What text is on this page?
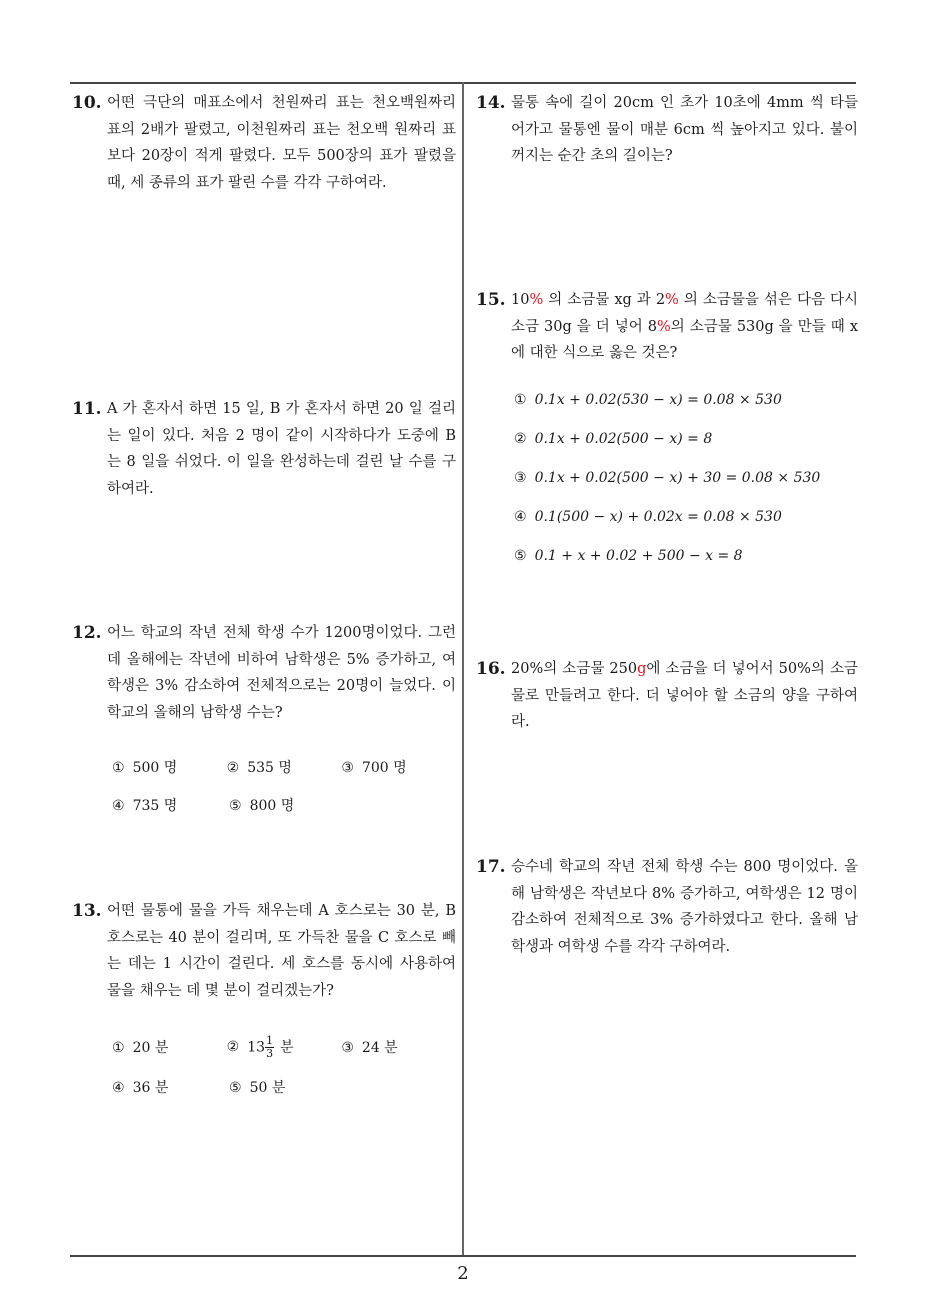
10. 어떤 극단의 매표소에서 천원짜리 표는 천오백원짜리 표의 2배가 팔렸고, 이천원짜리 표는 천오백 원짜리 표보다 20장이 적게 팔렸다. 모두 500장의 표가 팔렸을 때, 세 종류의 표가 팔린 수를 각각 구하여라.
11. A 가 혼자서 하면 15 일, B 가 혼자서 하면 20 일 걸리는 일이 있다. 처음 2 명이 같이 시작하다가 도중에 B 는 8 일을 쉬었다. 이 일을 완성하는데 걸린 날 수를 구하여라.
12. 어느 학교의 작년 전체 학생 수가 1200명이었다. 그런데 올해에는 작년에 비하여 남학생은 5% 증가하고, 여학생은 3% 감소하여 전체적으로는 20명이 늘었다. 이 학교의 올해의 남학생 수는?
① 500 명	② 535 명	③ 700 명
④ 735 명	⑤ 800 명
13. 어떤 물통에 물을 가득 채우는데 A 호스로는 30 분, B 호스로는 40 분이 걸리며, 또 가득찬 물을 C 호스로 빼는 데는 1 시간이 걸린다. 세 호스를 동시에 사용하여 물을 채우는 데 몇 분이 걸리겠는가?
① 20 분	② $13 \frac{1}{3}$ 분	③ 24 분
④ 36 분	⑤ 50 분
14. 물통 속에 길이 20cm 인 초가 10초에 4mm 씩 타들어가고 물통엔 물이 매분 6cm 씩 높아지고 있다. 불이 꺼지는 순간 초의 길이는?
15. 10% 의 소금물 xg 과 2% 의 소금물을 섞은 다음 다시 소금 30g 을 더 넣어 8%의 소금물 530g 을 만들 때 x 에 대한 식으로 옳은 것은?
① 0.1x + 0.02(530 − x) = 0.08 × 530
② 0.1x + 0.02(500 − x) = 8
③ 0.1x + 0.02(500 − x) + 30 = 0.08 × 530
④ 0.1(500 − x) + 0.02x = 0.08 × 530
⑤ 0.1 + x + 0.02 + 500 − x = 8
16. 20%의 소금물 250g에 소금을 더 넣어서 50%의 소금물로 만들려고 한다. 더 넣어야 할 소금의 양을 구하여라.
17. 승수네 학교의 작년 전체 학생 수는 800 명이었다. 올해 남학생은 작년보다 8% 증가하고, 여학생은 12 명이 감소하여 전체적으로 3% 증가하였다고 한다. 올해 남학생과 여학생 수를 각각 구하여라.
2
